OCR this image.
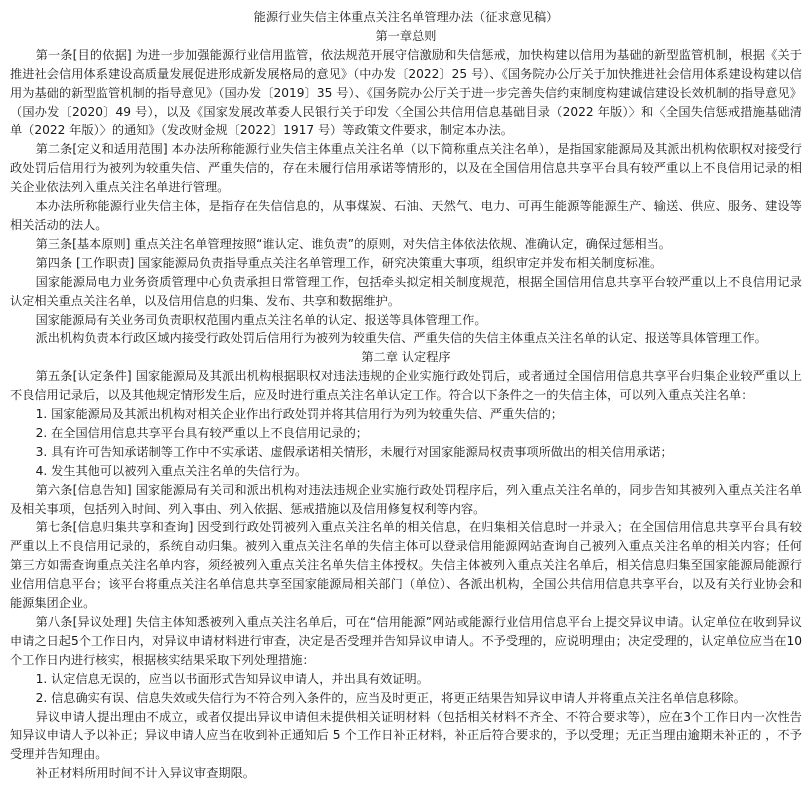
能源行业失信主体重点关注名单管理办法（征求意见稿）
第一章总则

第一条[目的依据] 为进一步加强能源行业信用监管，依法规范开展守信激励和失信惩戒，加快构建以信用为基础的新型监管机制，根据《关于推进社会信用体系建设高质量发展促进形成新发展格局的意见》（中办发〔2022〕25 号）、《国务院办公厅关于加快推进社会信用体系建设构建以信用为基础的新型监管机制的指导意见》（国办发〔2019〕35 号）、《国务院办公厅关于进一步完善失信约束制度构建诚信建设长效机制的指导意见》（国办发〔2020〕49 号），以及《国家发展改革委人民银行关于印发〈全国公共信用信息基础目录（2022 年版）〉和〈全国失信惩戒措施基础清单（2022 年版）〉的通知》（发改财金规〔2022〕1917 号）等政策文件要求，制定本办法。

第二条[定义和适用范围] 本办法所称能源行业失信主体重点关注名单（以下简称重点关注名单），是指国家能源局及其派出机构依职权对接受行政处罚后信用行为被列为较重失信、严重失信的，存在未履行信用承诺等情形的，以及在全国信用信息共享平台具有较严重以上不良信用记录的相关企业依法列入重点关注名单进行管理。

本办法所称能源行业失信主体，是指存在失信信息的，从事煤炭、石油、天然气、电力、可再生能源等能源生产、输送、供应、服务、建设等相关活动的法人。

第三条[基本原则] 重点关注名单管理按照“谁认定、谁负责”的原则，对失信主体依法依规、准确认定，确保过惩相当。

第四条 [工作职责] 国家能源局负责指导重点关注名单管理工作，研究决策重大事项，组织审定并发布相关制度标准。

国家能源局电力业务资质管理中心负责承担日常管理工作，包括牵头拟定相关制度规范，根据全国信用信息共享平台较严重以上不良信用记录认定相关重点关注名单，以及信用信息的归集、发布、共享和数据维护。

国家能源局有关业务司负责职权范围内重点关注名单的认定、报送等具体管理工作。

派出机构负责本行政区域内接受行政处罚后信用行为被列为较重失信、严重失信的失信主体重点关注名单的认定、报送等具体管理工作。

第二章 认定程序

第五条[认定条件] 国家能源局及其派出机构根据职权对违法违规的企业实施行政处罚后，或者通过全国信用信息共享平台归集企业较严重以上不良信用记录后，以及其他规定情形发生后，应及时进行重点关注名单认定工作。符合以下条件之一的失信主体，可以列入重点关注名单：

1. 国家能源局及其派出机构对相关企业作出行政处罚并将其信用行为列为较重失信、严重失信的；

2. 在全国信用信息共享平台具有较严重以上不良信用记录的；

3. 具有许可告知承诺制等工作中不实承诺、虚假承诺相关情形，未履行对国家能源局权责事项所做出的相关信用承诺；

4. 发生其他可以被列入重点关注名单的失信行为。

第六条[信息告知] 国家能源局有关司和派出机构对违法违规企业实施行政处罚程序后，列入重点关注名单的，同步告知其被列入重点关注名单及相关事项，包括列入时间、列入事由、列入依据、惩戒措施以及信用修复权利等内容。

第七条[信息归集共享和查询] 因受到行政处罚被列入重点关注名单的相关信息，在归集相关信息时一并录入；在全国信用信息共享平台具有较严重以上不良信用记录的，系统自动归集。被列入重点关注名单的失信主体可以登录信用能源网站查询自己被列入重点关注名单的相关内容；任何第三方如需查询重点关注名单内容，须经被列入重点关注名单失信主体授权。失信主体被列入重点关注名单后，相关信息归集至国家能源局能源行业信用信息平台；该平台将重点关注名单信息共享至国家能源局相关部门（单位）、各派出机构，全国公共信用信息共享平台，以及有关行业协会和能源集团企业。

第八条[异议处理] 失信主体知悉被列入重点关注名单后，可在“信用能源”网站或能源行业信用信息平台上提交异议申请。认定单位在收到异议申请之日起5个工作日内，对异议申请材料进行审查，决定是否受理并告知异议申请人。不予受理的，应说明理由；决定受理的，认定单位应当在10 个工作日内进行核实，根据核实结果采取下列处理措施：

1. 认定信息无误的，应当以书面形式告知异议申请人，并出具有效证明。

2. 信息确实有误、信息失效或失信行为不符合列入条件的，应当及时更正，将更正结果告知异议申请人并将重点关注名单信息移除。

异议申请人提出理由不成立，或者仅提出异议申请但未提供相关证明材料（包括相关材料不齐全、不符合要求等），应在3个工作日内一次性告知异议申请人予以补正；异议申请人应当在收到补正通知后 5 个工作日补正材料，补正后符合要求的，予以受理；无正当理由逾期未补正的 ，不予受理并告知理由。

补正材料所用时间不计入异议审查期限。
